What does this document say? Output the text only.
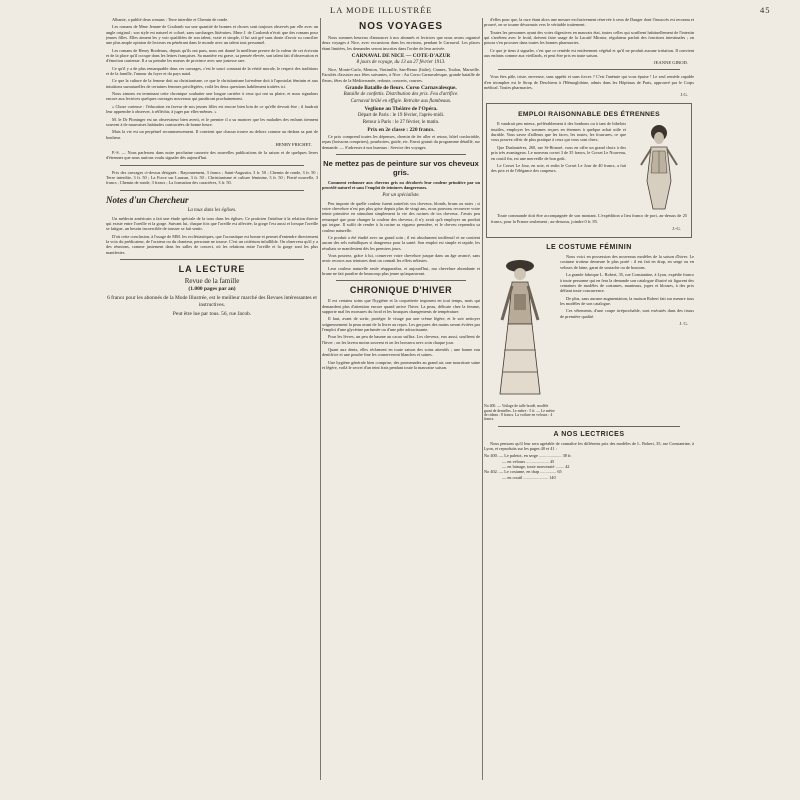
LA MODE ILLUSTRÉE	45

Albanie, a publié deux romans : Terre interdite et Chemin de ronde.

Les romans de Mme Jeanne de Coulomb sur une quantité de bonnes et choses sont toujours observés par elle avec un angle original ; son style est naturel et coloré, sans surcharges littéraires. Mme J. de Coulomb n'écrit que des romans pour jeunes filles. Elles aiment les y voir qualifiées de son talent, vraie et simple, il lui sait gré sans doute d'avoir su concilier une plus ample opinion de lecteurs en pénétrant dans le monde avec un talent tout personnel.

Les romans de Henry Bordeaux, depuis qu'ils ont paru, nous ont donné la meilleure preuve de la valeur de cet écrivain et de la place qu'il occupe dans les lettres françaises. Sa manière est grave, sa pensée élevée, son talent fait d'observation et d'émotion contenue. Il a su peindre les mœurs de province avec une justesse rare.

Ce qu'il y a de plus remarquable dans ces ouvrages, c'est le souci constant de la vérité morale, le respect des traditions et de la famille, l'amour du foyer et du pays natal.

Ce que la culture de la femme doit au christianisme, ce que le christianisme lui-même doit à l'apostolat féminin et aux intuitions surnaturelles de certaines femmes privilégiées, voilà les deux questions habilement traitées ici.

Nous aimons en terminant cette chronique souhaiter une longue carrière à ceux qui ont su plaire, et nous signalons encore aux lectrices quelques ouvrages nouveaux qui paraîtront prochainement.

« Chose curieuse : l'éducation en faveur de nos jeunes filles est encore bien loin de ce qu'elle devrait être ; il faudrait leur apprendre à observer, à réfléchir, à juger par elles-mêmes. »

M. le Dr Ploninger est un observateur bien averti, et le premier il a su montrer que les maladies des enfants tiennent souvent à de mauvaises habitudes contractées de bonne heure.

Mais la vie est un perpétuel recommencement. Il convient que chacun trouve au dehors comme au dedans sa part de bonheur.

HENRY FRICHET.

P.-S. — Nous parlerons dans notre prochaine causerie des nouvelles publications de la saison et de quelques livres d'étrennes que nous aurions voulu signaler dès aujourd'hui.

Prix des ouvrages ci-dessus désignés : Rayonnement, 3 francs ; Saint-Augustin, 3 fr. 50 ; Chemin de ronde, 3 fr. 50 ; Terre interdite, 3 fr. 50 ; La Force sur Lauzun, 3 fr. 50 ; Christianisme et culture féminine, 3 fr. 50 ; Fierté nouvelle, 3 francs ; Chemin de ronde, 3 francs ; La formation des caractères, 3 fr. 50.

Notes d'un Chercheur
La toux dans les églises.

Un médecin américain a fait une étude spéciale de la toux dans les églises. Ce praticien l'attribue à la relation directe qui existe entre l'oreille et la gorge. Suivant lui, chaque fois que l'oreille est affectée, la gorge l'est aussi et lorsque l'oreille se fatigue, un besoin incoercible de tousser se fait sentir.

D'où cette conclusion, à l'usage de MM. les ecclésiastiques, que l'acoustique est bonne et permet d'entendre directement la voix du prédicateur, de l'orateur ou du chanteur, personne ne tousse. C'est un critérium infaillible. On observera qu'il y a des réunions, comme justement dans les salles de concert, où les relations entre l'oreille et la gorge sont les plus manifestes.

LA LECTURE
Revue de la famille
(1.000 pages par an)
6 francs pour les abonnés de la Mode Illustrée, est le meilleur marché des Revues intéressantes et instructives.
Peut être lue par tous. 56, rue Jacob.
NOS VOYAGES

Nous sommes heureux d'annoncer à nos abonnés et lectrices que nous avons organisé deux voyages à Nice, avec excursions dans les environs, pendant le Carnaval. Les places étant limitées, les demandes seront inscrites dans l'ordre de leur arrivée.

CARNAVAL DE NICE — COTE-D'AZUR
8 jours de voyage, du 13 au 27 février 1913.

Nice, Monte-Carlo, Menton, Vintimille, San-Remo (Italie), Cannes, Toulon, Marseille. Facultés d'assister aux fêtes suivantes, à Nice : Au Corso Carnavalesque, grande bataille de fleurs, fêtes de la Méditerranée, redoute, concerts, courses.

Grande Bataille de fleurs. Corso Carnavalesque.
Bataille de confettis. Distribution des prix. Feu d'artifice.
Carnaval brûlé en effigie. Retraite aux flambeaux.
Veglione au Théâtre de l'Opéra.
Départ de Paris : le 19 février, l'après-midi.
Retour à Paris : le 27 février, le matin.
Prix en 2e classe : 220 francs.

Ce prix comprend toutes les dépenses, chemin de fer aller et retour, hôtel confortable, repas (boissons comprises), pourboires, guide, etc. Envoi gratuit du programme détaillé, sur demande. — S'adresser à nos bureaux : Service des voyages.

Ne mettez pas de peinture sur vos cheveux gris.

Comment redonner aux cheveux gris ou décolorés leur couleur primitive par un procédé naturel et sans l'emploi de teintures dangereuses.

Par un spécialiste.

Peu importe de quelle couleur furent autrefois vos cheveux, blonds, bruns ou noirs ; si votre chevelure n'est pas plus grise depuis plus de vingt ans, nous pouvons recouvrer votre teinte primitive en stimulant simplement la vie des racines de tos cheveux. J'avais peu remarqué que pour changer la couleur des cheveux, il n'y avait qu'à employer un produit qui teigne. Il suffit de rendre à la racine sa vigueur première, et le cheveu reprendra sa couleur naturelle.

Ce produit a été étudié avec un grand soin ; il est absolument inoffensif et ne contient aucun des sels métalliques si dangereux pour la santé. Son emploi est simple et rapide, les résultats se manifestent dès les premiers jours.

Vous pourrez, grâce à lui, conserver votre chevelure jusque dans un âge avancé, sans avoir recours aux teintures dont on connaît les effets néfastes.

Leur couleur naturelle seule réapparaîtra, et aujourd'hui, ma chevelure abondante et brune ne fait paraître de beaucoup plus jeune qu'auparavant.

CHRONIQUE D'HIVER

Il est certains soins que l'hygiène et la coquetterie imposent en tout temps, mais qui demandent plus d'attention encore quand arrive l'hiver. La peau, délicate chez la femme, supporte mal les morsures du froid et les brusques changements de température.

Il faut, avant de sortir, protéger le visage par une crème légère, et le soir nettoyer soigneusement la peau avant de la livrer au repos. Les gerçures des mains seront évitées par l'emploi d'une glycérine parfumée ou d'une pâte adoucissante.

Pour les lèvres, un peu de baume au cacao suffira. Les cheveux, eux aussi, souffrent de l'hiver ; on les lavera moins souvent et on les brossera avec soin chaque jour.

Quant aux dents, elles réclament en toute saison des soins attentifs ; une bonne eau dentifrice et une poudre fine les conserveront blanches et saines.

Une hygiène générale bien comprise, des promenades au grand air, une nourriture saine et légère, voilà le secret d'un teint frais pendant toute la mauvaise saison.

d'elles pour que, la cure étant alors une mesure exclusivement réservée à ceux de Dauger dont l'insuccès est reconnu et prouvé, on se tourne désormais vers le véritable traitement.

Toutes les personnes ayant des voies digestives en mauvais état, toutes celles qui souffrent habituellement de l'intestin qui s'arrêtent avec le froid, doivent faire usage de la Lacatif Mirator, régulateur parfait des fonctions intestinales ; on pourra s'en procurer dans toutes les bonnes pharmacies.

Ce que je tiens à signaler, c'est que ce remède est entièrement végétal et qu'il ne produit aucune irritation. Il convient aux enfants comme aux vieillards, et peut être pris en toute saison.

JEANNE GIROD.

Vous êtes pâle, triste, nerveuse, sans appétit et sans forces ? C'est l'anémie qui vous épuise ! Le seul remède capable d'en triompher est le Sirop de Deschiens à l'Hémoglobine, admis dans les Hôpitaux de Paris, approuvé par le Corps médical. Toutes pharmacies.

J.G.
EMPLOI RAISONNABLE DES ÉTRENNES

Il vaudrait peu mieux, préférablement à des bonbons ou à tant de bibelots inutiles, employer les sommes reçues en étrennes à quelque achat utile et durable. Vous savez d'ailleurs que les faces, les toutes, les fourrures, ce que vous pouvez offrir de plus pratique à ceux qui vous sont chers.

Que Dusbruières, 260, rue St-Honoré, vous en offre un grand choix à des prix très avantageux. Le nouveau corset 3 de 35 francs, le Corset Le Nouveau, en coutil fin, est une merveille de bon goût.

Le Corset Le Jour, en soie, et enfin le Corset Le Jour de 40 francs, a fait des prix et de l'élégance des coupeurs.

Toute commande doit être accompagnée de son montant. L'expédition a lieu franco de port, au-dessus de 25 francs, pour la France seulement ; au-dessous, joindre 0 fr. 85.

J.-G.
LE COSTUME FÉMININ
No 400. — Voilage de tulle brodé, modèle garni de dentelles. Le mètre : 5 fr. — Le mètre de rideau : 8 francs. La voilure en velours : 4 francs.

Nous voici en possession des nouveaux modèles de la saison d'hiver. Le costume trotteur demeure le plus porté : il est fait en drap, en serge ou en velours de laine, garni de soutache ou de boutons.

La grande fabrique L. Robert, 35, rue Constantine, à Lyon, expédie franco à toute personne qui en fera la demande son catalogue illustré où figurent des centaines de modèles de costumes, manteaux, jupes et blouses, à des prix défiant toute concurrence.

De plus, sans aucune augmentation, la maison Robert fait sur mesure tous les modèles de son catalogue.

Ces vêtements, d'une coupe irréprochable, sont exécutés dans des tissus de première qualité.

J. G.
A NOS LECTRICES

Nous pensons qu'il leur sera agréable de connaître les différents prix des modèles de L. Robert, 35, rue Constantine, à Lyon, et reproduits sur les pages 40 et 41 :

No 400. — Le paletot, en serge ..................... 38 fr.

— en velours ..................... 45

— en lainage, toute nouveauté ........ 42

No 402. — Le costume, en drap ............... 65

— en coutil ....................... 140
